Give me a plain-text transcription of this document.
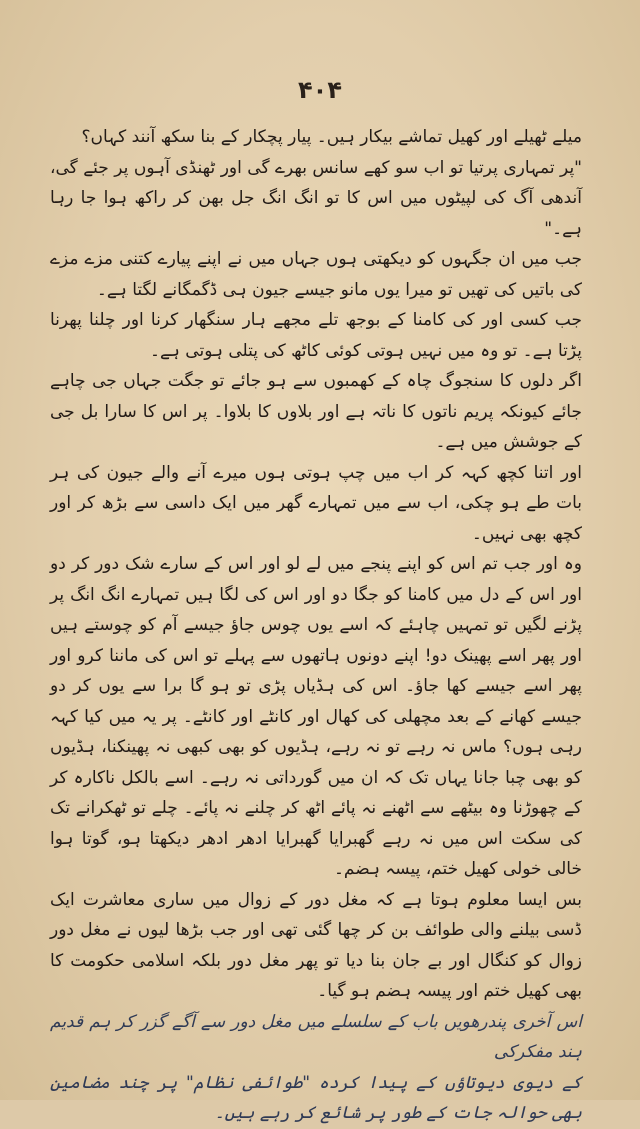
۴۰۴

میلے ٹھیلے اور کھیل تماشے بیکار ہیں۔ پیار پچکار کے بنا سکھ آنند کہاں؟

"پر تمہاری پرتیا تو اب سو کھے سانس بھرے گی اور ٹھنڈی آہوں پر جئے گی، آندھی آگ کی لپیٹوں میں اس کا تو انگ انگ جل بھن کر راکھ ہوا جا رہا ہے۔"

جب میں ان جگہوں کو دیکھتی ہوں جہاں میں نے اپنے پیارے کتنی مزے مزے کی باتیں کی تھیں تو میرا یوں مانو جیسے جیون ہی ڈگمگانے لگتا ہے۔

جب کسی اور کی کامنا کے بوجھ تلے مجھے ہار سنگھار کرنا اور چلنا پھرنا پڑتا ہے۔ تو وہ میں نہیں ہوتی کوئی کاٹھ کی پتلی ہوتی ہے۔

اگر دلوں کا سنجوگ چاہ کے کھمبوں سے ہو جائے تو جگت جہاں جی چاہے جائے کیونکہ پریم ناتوں کا ناتہ ہے اور بلاوں کا بلاوا۔ پر اس کا سارا بل جی کے جوشش میں ہے۔

اور اتنا کچھ کہہ کر اب میں چپ ہوتی ہوں میرے آنے والے جیون کی ہر بات طے ہو چکی، اب سے میں تمہارے گھر میں ایک داسی سے بڑھ کر اور کچھ بھی نہیں۔

وہ اور جب تم اس کو اپنے پنجے میں لے لو اور اس کے سارے شک دور کر دو اور اس کے دل میں کامنا کو جگا دو اور اس کی لگا ہیں تمہارے انگ انگ پر پڑنے لگیں تو تمہیں چاہئے کہ اسے یوں چوس جاؤ جیسے آم کو چوستے ہیں اور پھر اسے پھینک دو! اپنے دونوں ہاتھوں سے پہلے تو اس کی ماننا کرو اور پھر اسے جیسے کھا جاؤ۔ اس کی ہڈیاں پڑی تو ہو گا برا سے یوں کر دو جیسے کھانے کے بعد مچھلی کی کھال اور کانٹے اور کانٹے۔ پر یہ میں کیا کہہ رہی ہوں؟ ماس نہ رہے تو نہ رہے، ہڈیوں کو بھی کبھی نہ پھینکنا، ہڈیوں کو بھی چبا جانا یہاں تک کہ ان میں گورداتی نہ رہے۔ اسے بالکل ناکارہ کر کے چھوڑنا وہ بیٹھے سے اٹھنے نہ پائے اٹھ کر چلنے نہ پائے۔ چلے تو ٹھکرانے تک کی سکت اس میں نہ رہے گھبرایا گھبرایا ادھر ادھر دیکھتا ہو، گوتا ہوا خالی خولی کھیل ختم، پیسہ ہضم۔

بس ایسا معلوم ہوتا ہے کہ مغل دور کے زوال میں ساری معاشرت ایک ڈسی بیلنے والی طوائف بن کر چھا گئی تھی اور جب بڑھا لیوں نے مغل دور زوال کو کنگال اور بے جان بنا دیا تو پھر مغل دور بلکہ اسلامی حکومت کا بھی کھیل ختم اور پیسہ ہضم ہو گیا۔

اس آخری پندرھویں باب کے سلسلے میں مغل دور سے آگے گزر کر ہم قدیم ہند مفکرکی

کے دیوی دیوتاؤں کے پیدا کردہ "طوائفی نظام" پر چند مضامین بھی حوالہ جات کے طور پر شائع کر رہے ہیں۔
